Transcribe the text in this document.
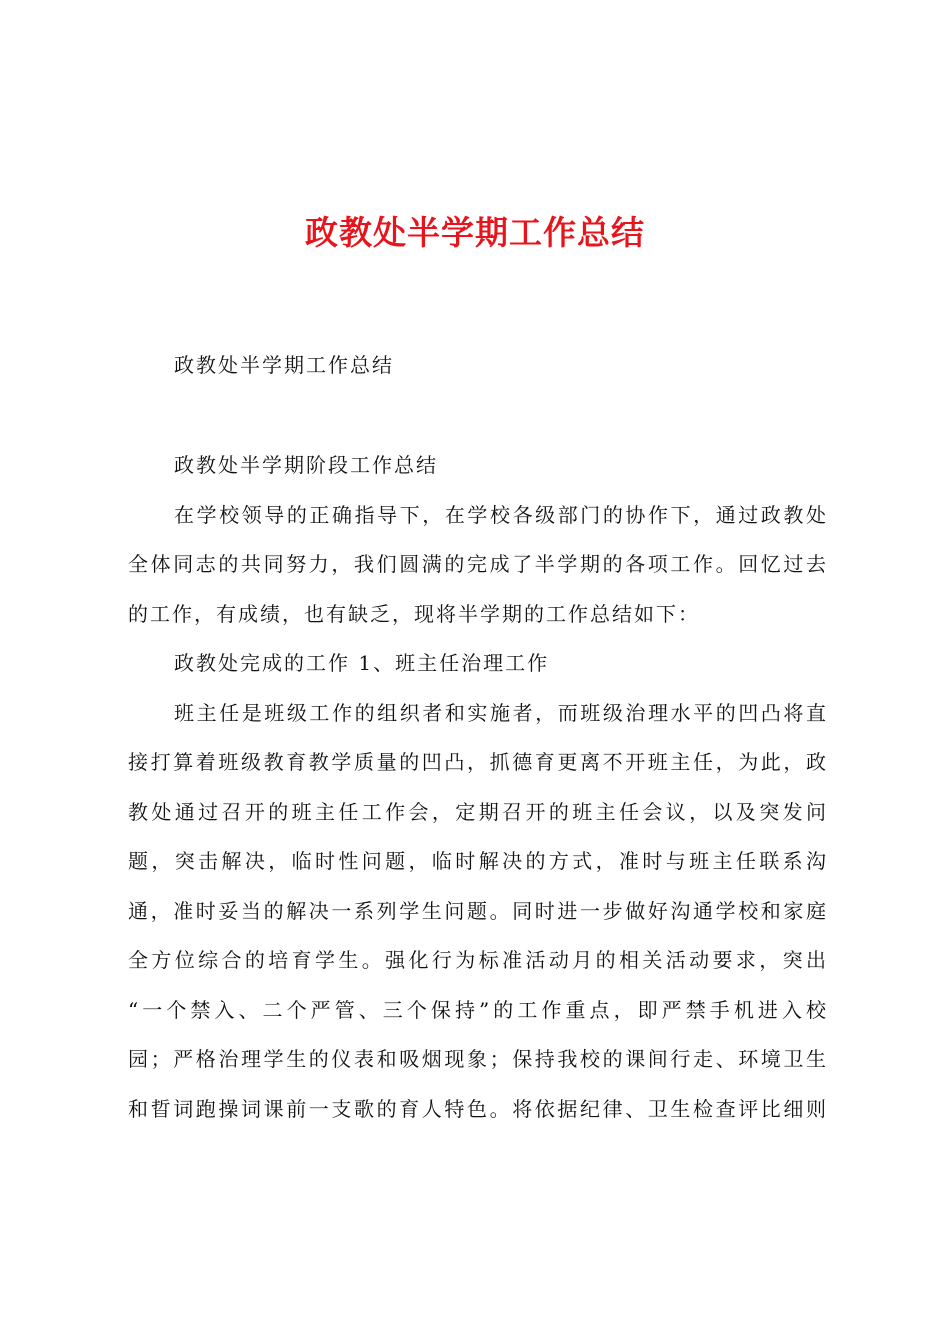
政教处半学期工作总结
政教处半学期工作总结
政教处半学期阶段工作总结
在学校领导的正确指导下，在学校各级部门的协作下，通过政教处
全体同志的共同努力，我们圆满的完成了半学期的各项工作。回忆过去
的工作，有成绩，也有缺乏，现将半学期的工作总结如下：
政教处完成的工作 1、班主任治理工作
班主任是班级工作的组织者和实施者，而班级治理水平的凹凸将直
接打算着班级教育教学质量的凹凸，抓德育更离不开班主任，为此，政
教处通过召开的班主任工作会，定期召开的班主任会议，以及突发问
题，突击解决，临时性问题，临时解决的方式，准时与班主任联系沟
通，准时妥当的解决一系列学生问题。同时进一步做好沟通学校和家庭
全方位综合的培育学生。强化行为标准活动月的相关活动要求，突出
“一个禁入、二个严管、三个保持”的工作重点，即严禁手机进入校
园；严格治理学生的仪表和吸烟现象；保持我校的课间行走、环境卫生
和晢词跑操词课前一支歌的育人特色。将依据纪律、卫生检查评比细则
